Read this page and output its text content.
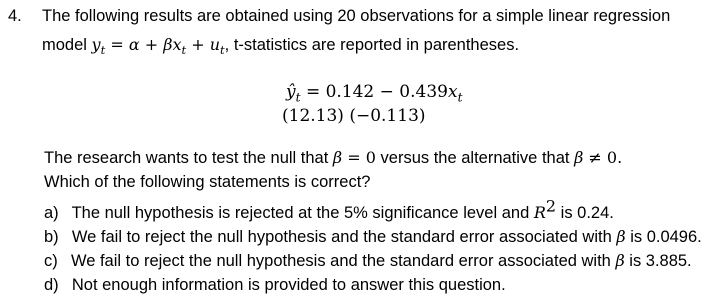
4. The following results are obtained using 20 observations for a simple linear regression
model $y_t = \alpha + \beta x_t + u_t$, t-statistics are reported in parentheses.
$ŷ_t = 0.142 - 0.439x_t$
(12.13) (−0.113)
The research wants to test the null that β = 0 versus the alternative that β ≠ 0.
Which of the following statements is correct?
a) The null hypothesis is rejected at the 5% significance level and $R^2$ is 0.24.
b) We fail to reject the null hypothesis and the standard error associated with β is 0.0496.
c) We fail to reject the null hypothesis and the standard error associated with β is 3.885.
d) Not enough information is provided to answer this question.
